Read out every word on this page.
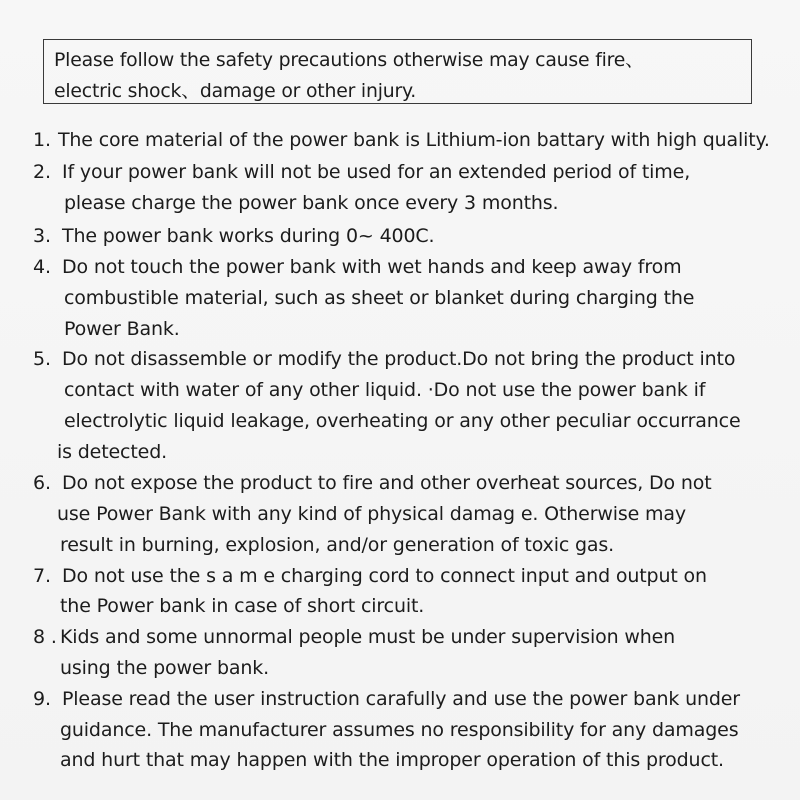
Please follow the safety precautions otherwise may cause fire、
electric shock、damage or other injury.
1. The core material of the power bank is Lithium-ion battary with high quality.
2. If your power bank will not be used for an extended period of time,
please charge the power bank once every 3 months.
3. The power bank works during 0~ 400C.
4. Do not touch the power bank with wet hands and keep away from
combustible material, such as sheet or blanket during charging the
Power Bank.
5. Do not disassemble or modify the product.Do not bring the product into
contact with water of any other liquid. ·Do not use the power bank if
electrolytic liquid leakage, overheating or any other peculiar occurrance
is detected.
6. Do not expose the product to fire and other overheat sources, Do not
use Power Bank with any kind of physical damag e. Otherwise may
result in burning, explosion, and/or generation of toxic gas.
7. Do not use the s a m e charging cord to connect input and output on
the Power bank in case of short circuit.
8 . Kids and some unnormal people must be under supervision when
using the power bank.
9. Please read the user instruction carafully and use the power bank under
guidance. The manufacturer assumes no responsibility for any damages
and hurt that may happen with the improper operation of this product.
